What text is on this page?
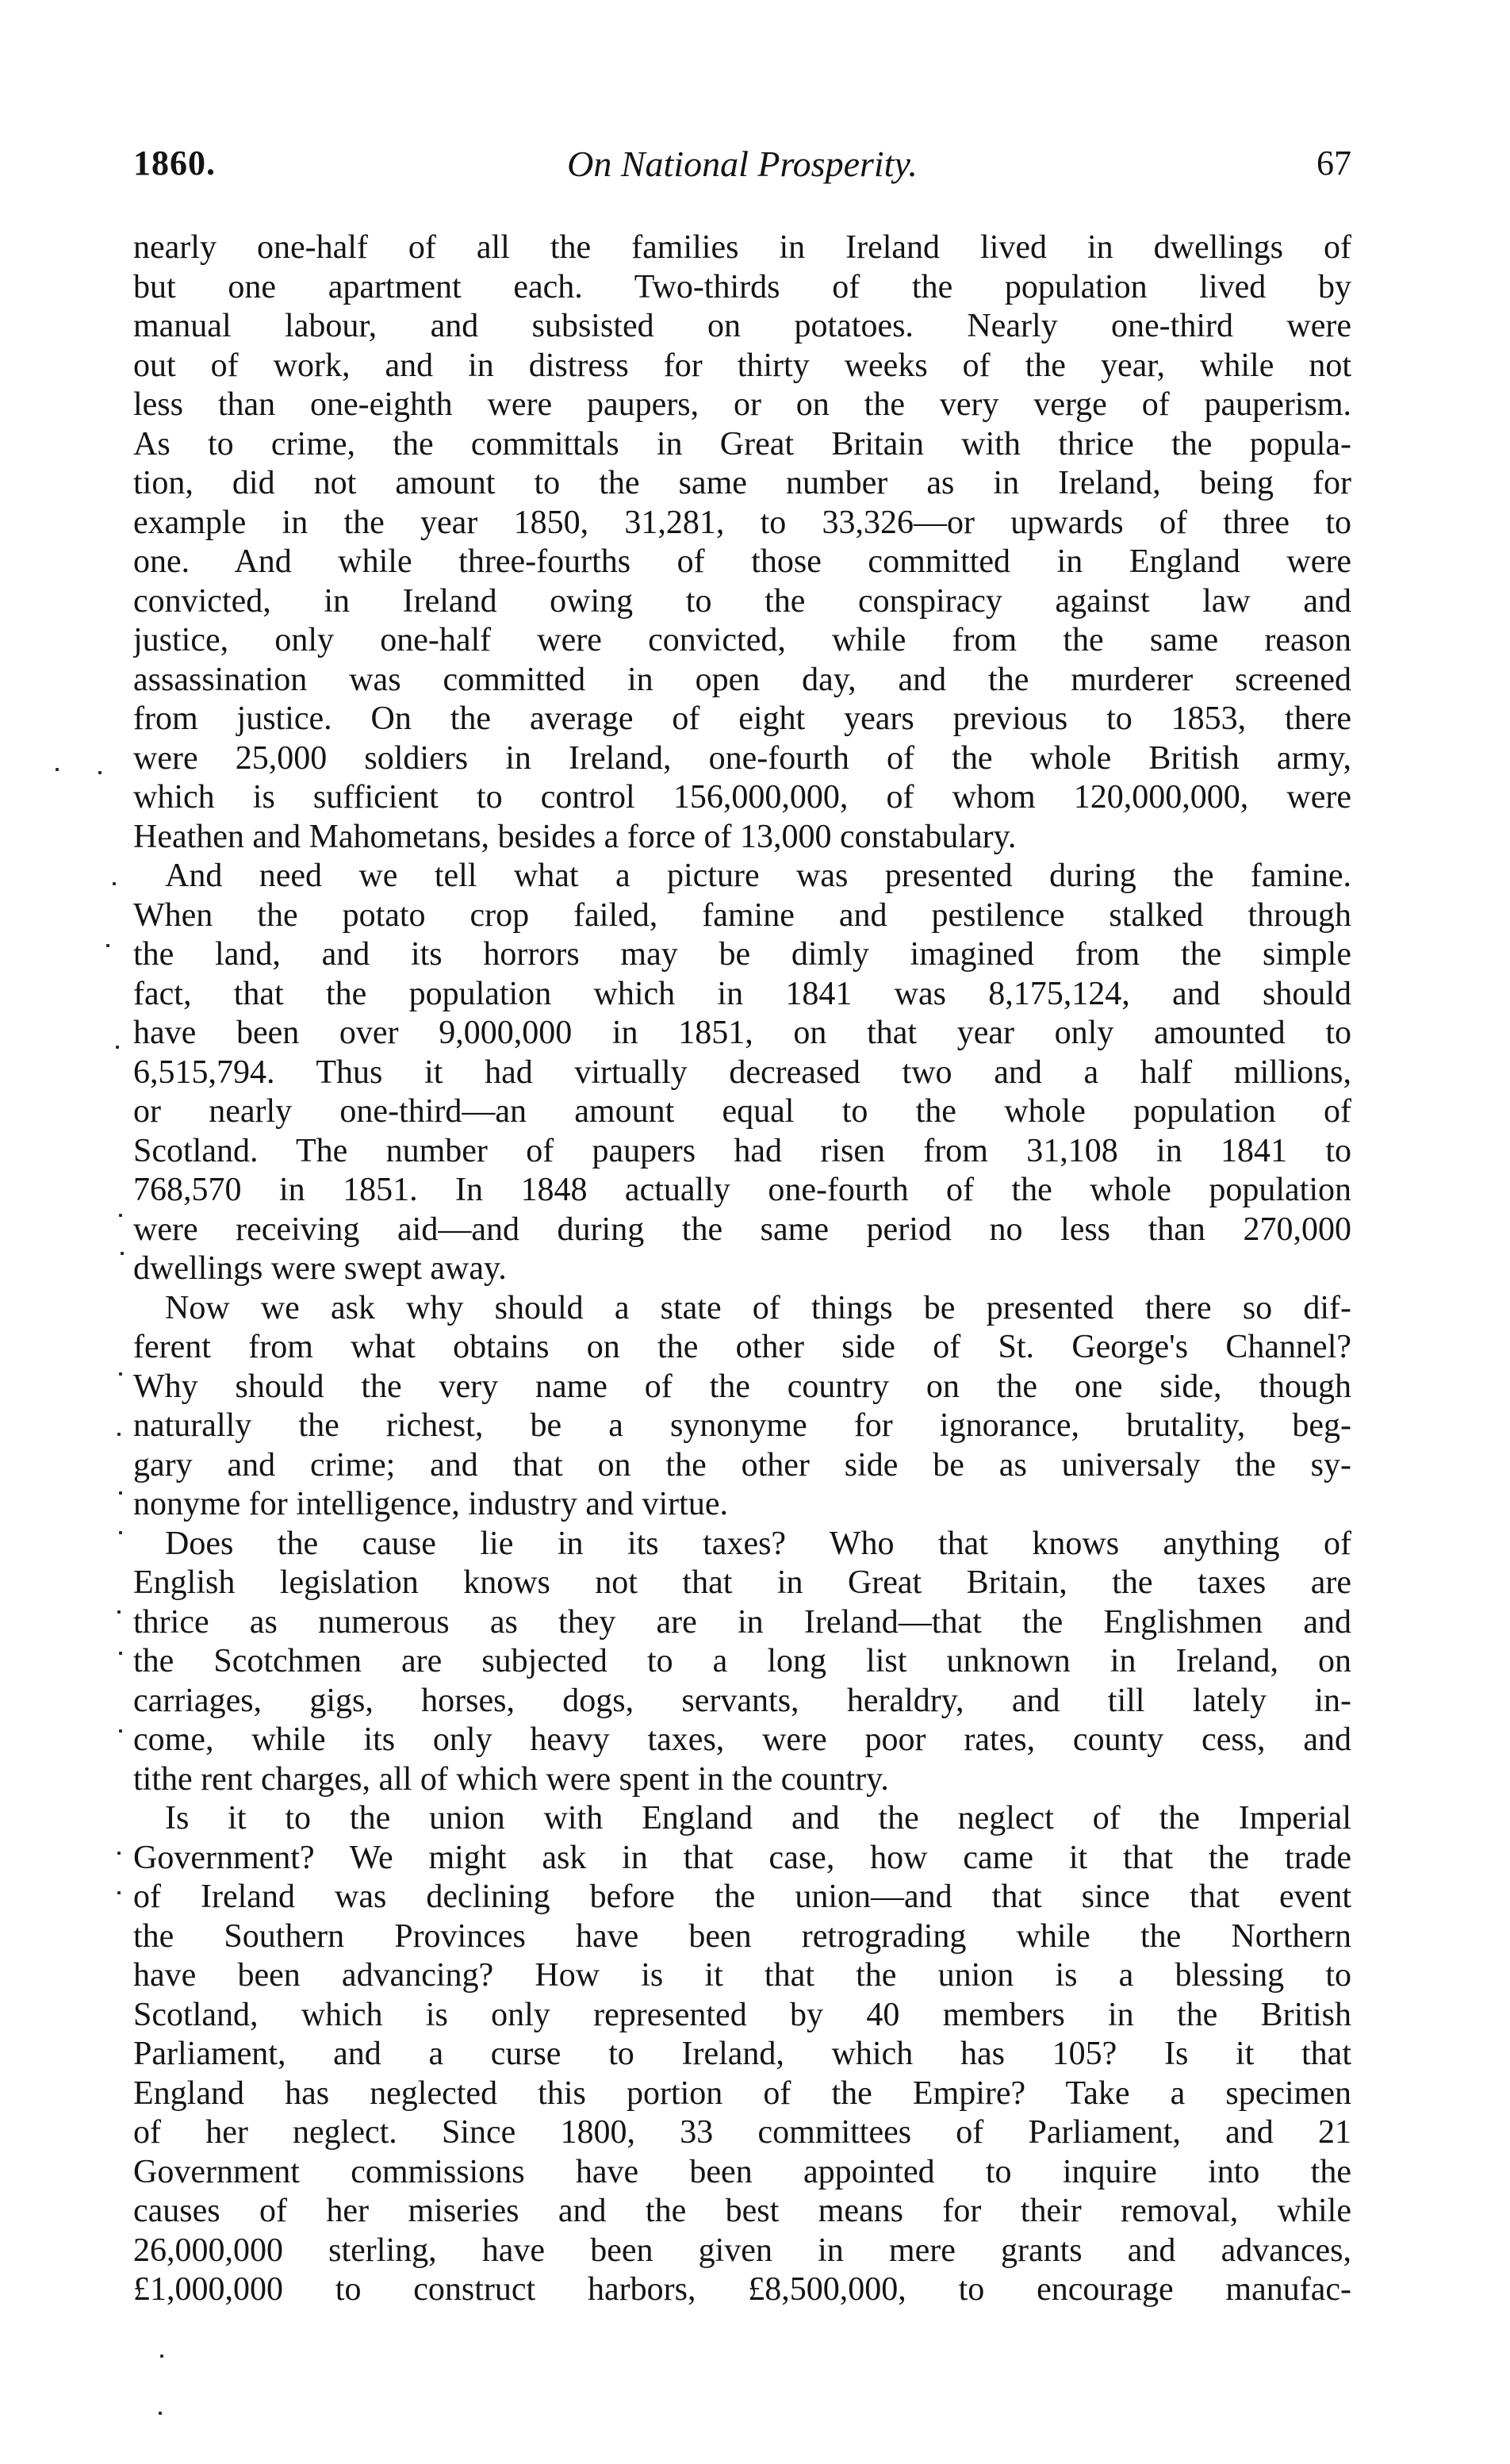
1860.	On National Prosperity.	67
nearly one-half of all the families in Ireland lived in dwellings of
but one apartment each. Two-thirds of the population lived by
manual labour, and subsisted on potatoes. Nearly one-third were
out of work, and in distress for thirty weeks of the year, while not
less than one-eighth were paupers, or on the very verge of pauperism.
As to crime, the committals in Great Britain with thrice the popula-
tion, did not amount to the same number as in Ireland, being for
example in the year 1850, 31,281, to 33,326—or upwards of three to
one. And while three-fourths of those committed in England were
convicted, in Ireland owing to the conspiracy against law and
justice, only one-half were convicted, while from the same reason
assassination was committed in open day, and the murderer screened
from justice. On the average of eight years previous to 1853, there
were 25,000 soldiers in Ireland, one-fourth of the whole British army,
which is sufficient to control 156,000,000, of whom 120,000,000, were
Heathen and Mahometans, besides a force of 13,000 constabulary.
And need we tell what a picture was presented during the famine.
When the potato crop failed, famine and pestilence stalked through
the land, and its horrors may be dimly imagined from the simple
fact, that the population which in 1841 was 8,175,124, and should
have been over 9,000,000 in 1851, on that year only amounted to
6,515,794. Thus it had virtually decreased two and a half millions,
or nearly one-third—an amount equal to the whole population of
Scotland. The number of paupers had risen from 31,108 in 1841 to
768,570 in 1851. In 1848 actually one-fourth of the whole population
were receiving aid—and during the same period no less than 270,000
dwellings were swept away.
Now we ask why should a state of things be presented there so dif-
ferent from what obtains on the other side of St. George's Channel?
Why should the very name of the country on the one side, though
naturally the richest, be a synonyme for ignorance, brutality, beg-
gary and crime; and that on the other side be as universaly the sy-
nonyme for intelligence, industry and virtue.
Does the cause lie in its taxes? Who that knows anything of
English legislation knows not that in Great Britain, the taxes are
thrice as numerous as they are in Ireland—that the Englishmen and
the Scotchmen are subjected to a long list unknown in Ireland, on
carriages, gigs, horses, dogs, servants, heraldry, and till lately in-
come, while its only heavy taxes, were poor rates, county cess, and
tithe rent charges, all of which were spent in the country.
Is it to the union with England and the neglect of the Imperial
Government? We might ask in that case, how came it that the trade
of Ireland was declining before the union—and that since that event
the Southern Provinces have been retrograding while the Northern
have been advancing? How is it that the union is a blessing to
Scotland, which is only represented by 40 members in the British
Parliament, and a curse to Ireland, which has 105? Is it that
England has neglected this portion of the Empire? Take a specimen
of her neglect. Since 1800, 33 committees of Parliament, and 21
Government commissions have been appointed to inquire into the
causes of her miseries and the best means for their removal, while
26,000,000 sterling, have been given in mere grants and advances,
£1,000,000 to construct harbors, £8,500,000, to encourage manufac-
